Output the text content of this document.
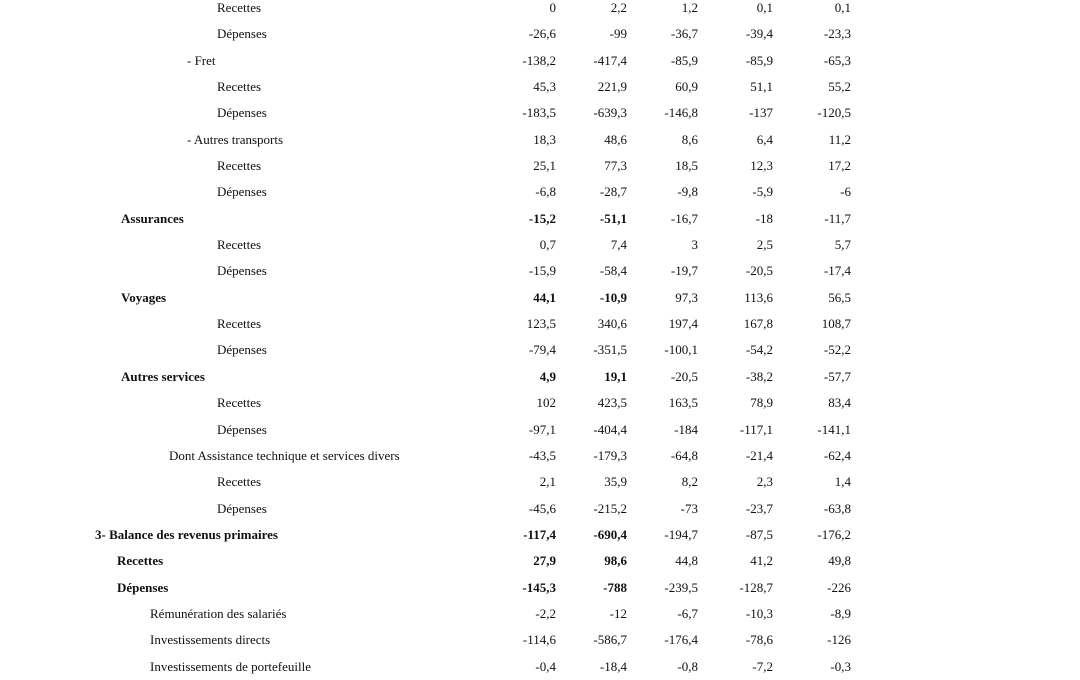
Recettes	0	2,2	1,2	0,1	0,1
Dépenses	-26,6	-99	-36,7	-39,4	-23,3
- Fret	-138,2	-417,4	-85,9	-85,9	-65,3
Recettes	45,3	221,9	60,9	51,1	55,2
Dépenses	-183,5	-639,3	-146,8	-137	-120,5
- Autres transports	18,3	48,6	8,6	6,4	11,2
Recettes	25,1	77,3	18,5	12,3	17,2
Dépenses	-6,8	-28,7	-9,8	-5,9	-6
Assurances	-15,2	-51,1	-16,7	-18	-11,7
Recettes	0,7	7,4	3	2,5	5,7
Dépenses	-15,9	-58,4	-19,7	-20,5	-17,4
Voyages	44,1	-10,9	97,3	113,6	56,5
Recettes	123,5	340,6	197,4	167,8	108,7
Dépenses	-79,4	-351,5	-100,1	-54,2	-52,2
Autres services	4,9	19,1	-20,5	-38,2	-57,7
Recettes	102	423,5	163,5	78,9	83,4
Dépenses	-97,1	-404,4	-184	-117,1	-141,1
Dont Assistance technique et services divers	-43,5	-179,3	-64,8	-21,4	-62,4
Recettes	2,1	35,9	8,2	2,3	1,4
Dépenses	-45,6	-215,2	-73	-23,7	-63,8
3- Balance des revenus primaires	-117,4	-690,4	-194,7	-87,5	-176,2
Recettes	27,9	98,6	44,8	41,2	49,8
Dépenses	-145,3	-788	-239,5	-128,7	-226
Rémunération des salariés	-2,2	-12	-6,7	-10,3	-8,9
Investissements directs	-114,6	-586,7	-176,4	-78,6	-126
Investissements de portefeuille	-0,4	-18,4	-0,8	-7,2	-0,3
